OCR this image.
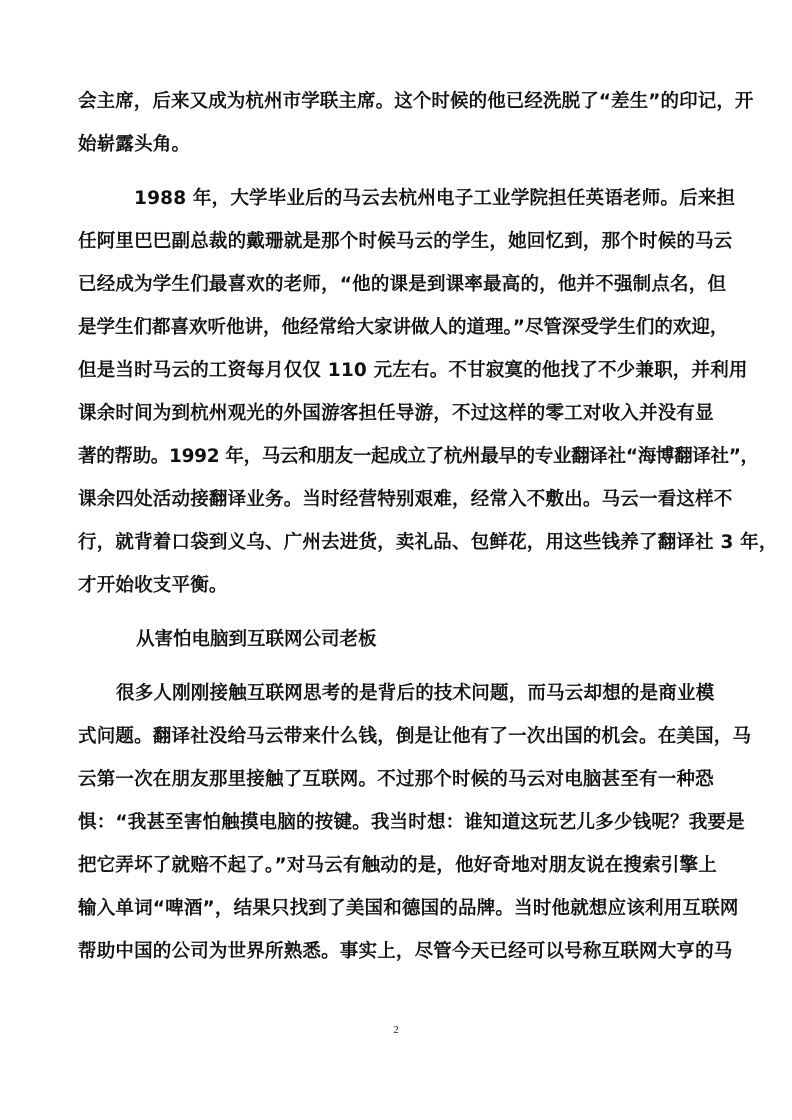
会主席，后来又成为杭州市学联主席。这个时候的他已经洗脱了“差生”的印记，开

始崭露头角。

1988 年，大学毕业后的马云去杭州电子工业学院担任英语老师。后来担

任阿里巴巴副总裁的戴珊就是那个时候马云的学生，她回忆到，那个时候的马云

已经成为学生们最喜欢的老师，“他的课是到课率最高的，他并不强制点名，但

是学生们都喜欢听他讲，他经常给大家讲做人的道理。”尽管深受学生们的欢迎，

但是当时马云的工资每月仅仅 110 元左右。不甘寂寞的他找了不少兼职，并利用

课余时间为到杭州观光的外国游客担任导游，不过这样的零工对收入并没有显

著的帮助。1992 年，马云和朋友一起成立了杭州最早的专业翻译社“海博翻译社”，

课余四处活动接翻译业务。当时经营特别艰难，经常入不敷出。马云一看这样不

行，就背着口袋到义乌、广州去进货，卖礼品、包鲜花，用这些钱养了翻译社 3 年，

才开始收支平衡。

从害怕电脑到互联网公司老板

很多人刚刚接触互联网思考的是背后的技术问题，而马云却想的是商业模

式问题。翻译社没给马云带来什么钱，倒是让他有了一次出国的机会。在美国，马

云第一次在朋友那里接触了互联网。不过那个时候的马云对电脑甚至有一种恐

惧：“我甚至害怕触摸电脑的按键。我当时想：谁知道这玩艺儿多少钱呢？我要是

把它弄坏了就赔不起了。”对马云有触动的是，他好奇地对朋友说在搜索引擎上

输入单词“啤酒”，结果只找到了美国和德国的品牌。当时他就想应该利用互联网

帮助中国的公司为世界所熟悉。事实上，尽管今天已经可以号称互联网大亨的马

2
